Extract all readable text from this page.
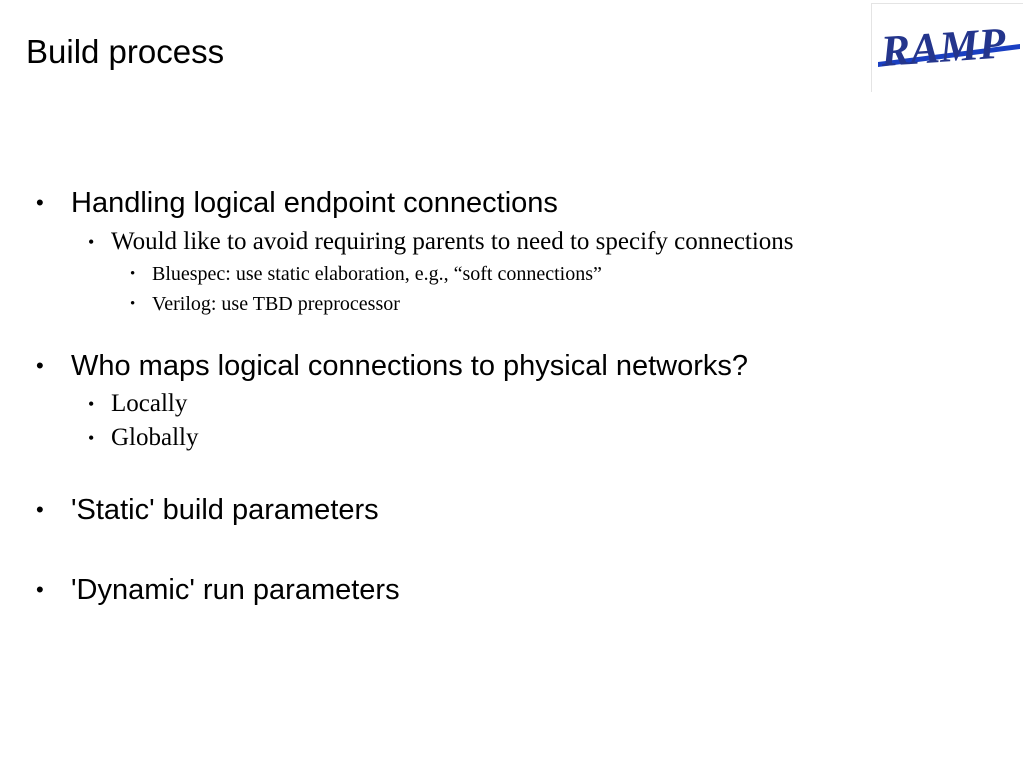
Build process	RAMP
• Handling logical endpoint connections
• Would like to avoid requiring parents to need to specify connections
• Bluespec: use static elaboration, e.g., “soft connections”
• Verilog: use TBD preprocessor
• Who maps logical connections to physical networks?
• Locally
• Globally
• 'Static' build parameters
• 'Dynamic' run parameters
